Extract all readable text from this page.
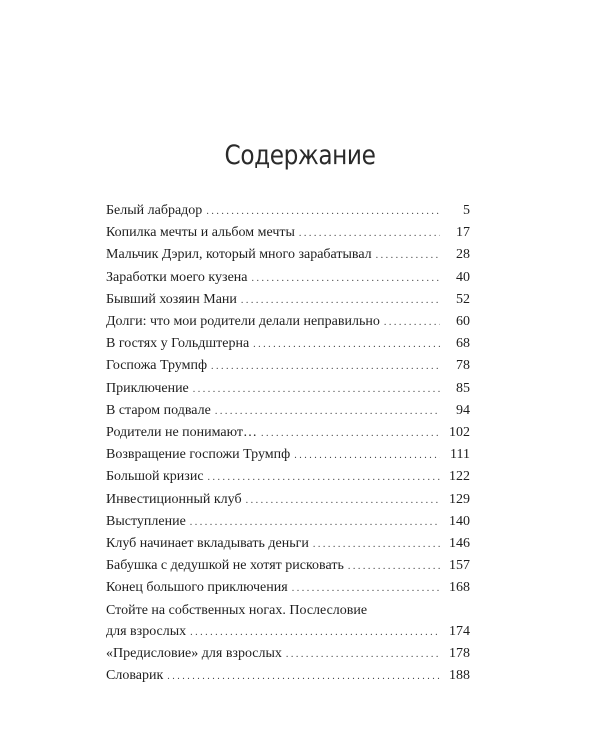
Содержание
Белый лабрадор . . .	5
Копилка мечты и альбом мечты . . .	17
Мальчик Дэрил, который много зарабатывал . . .	28
Заработки моего кузена . . .	40
Бывший хозяин Мани . . .	52
Долги: что мои родители делали неправильно . . .	60
В гостях у Гольдштерна . . .	68
Госпожа Трумпф . . .	78
Приключение . . .	85
В старом подвале . . .	94
Родители не понимают… . . .	102
Возвращение госпожи Трумпф . . .	111
Большой кризис . . .	122
Инвестиционный клуб . . .	129
Выступление . . .	140
Клуб начинает вкладывать деньги . . .	146
Бабушка с дедушкой не хотят рисковать . . .	157
Конец большого приключения . . .	168
Стойте на собственных ногах. Послесловие
для взрослых . . .	174
«Предисловие» для взрослых . . .	178
Словарик . . .	188
